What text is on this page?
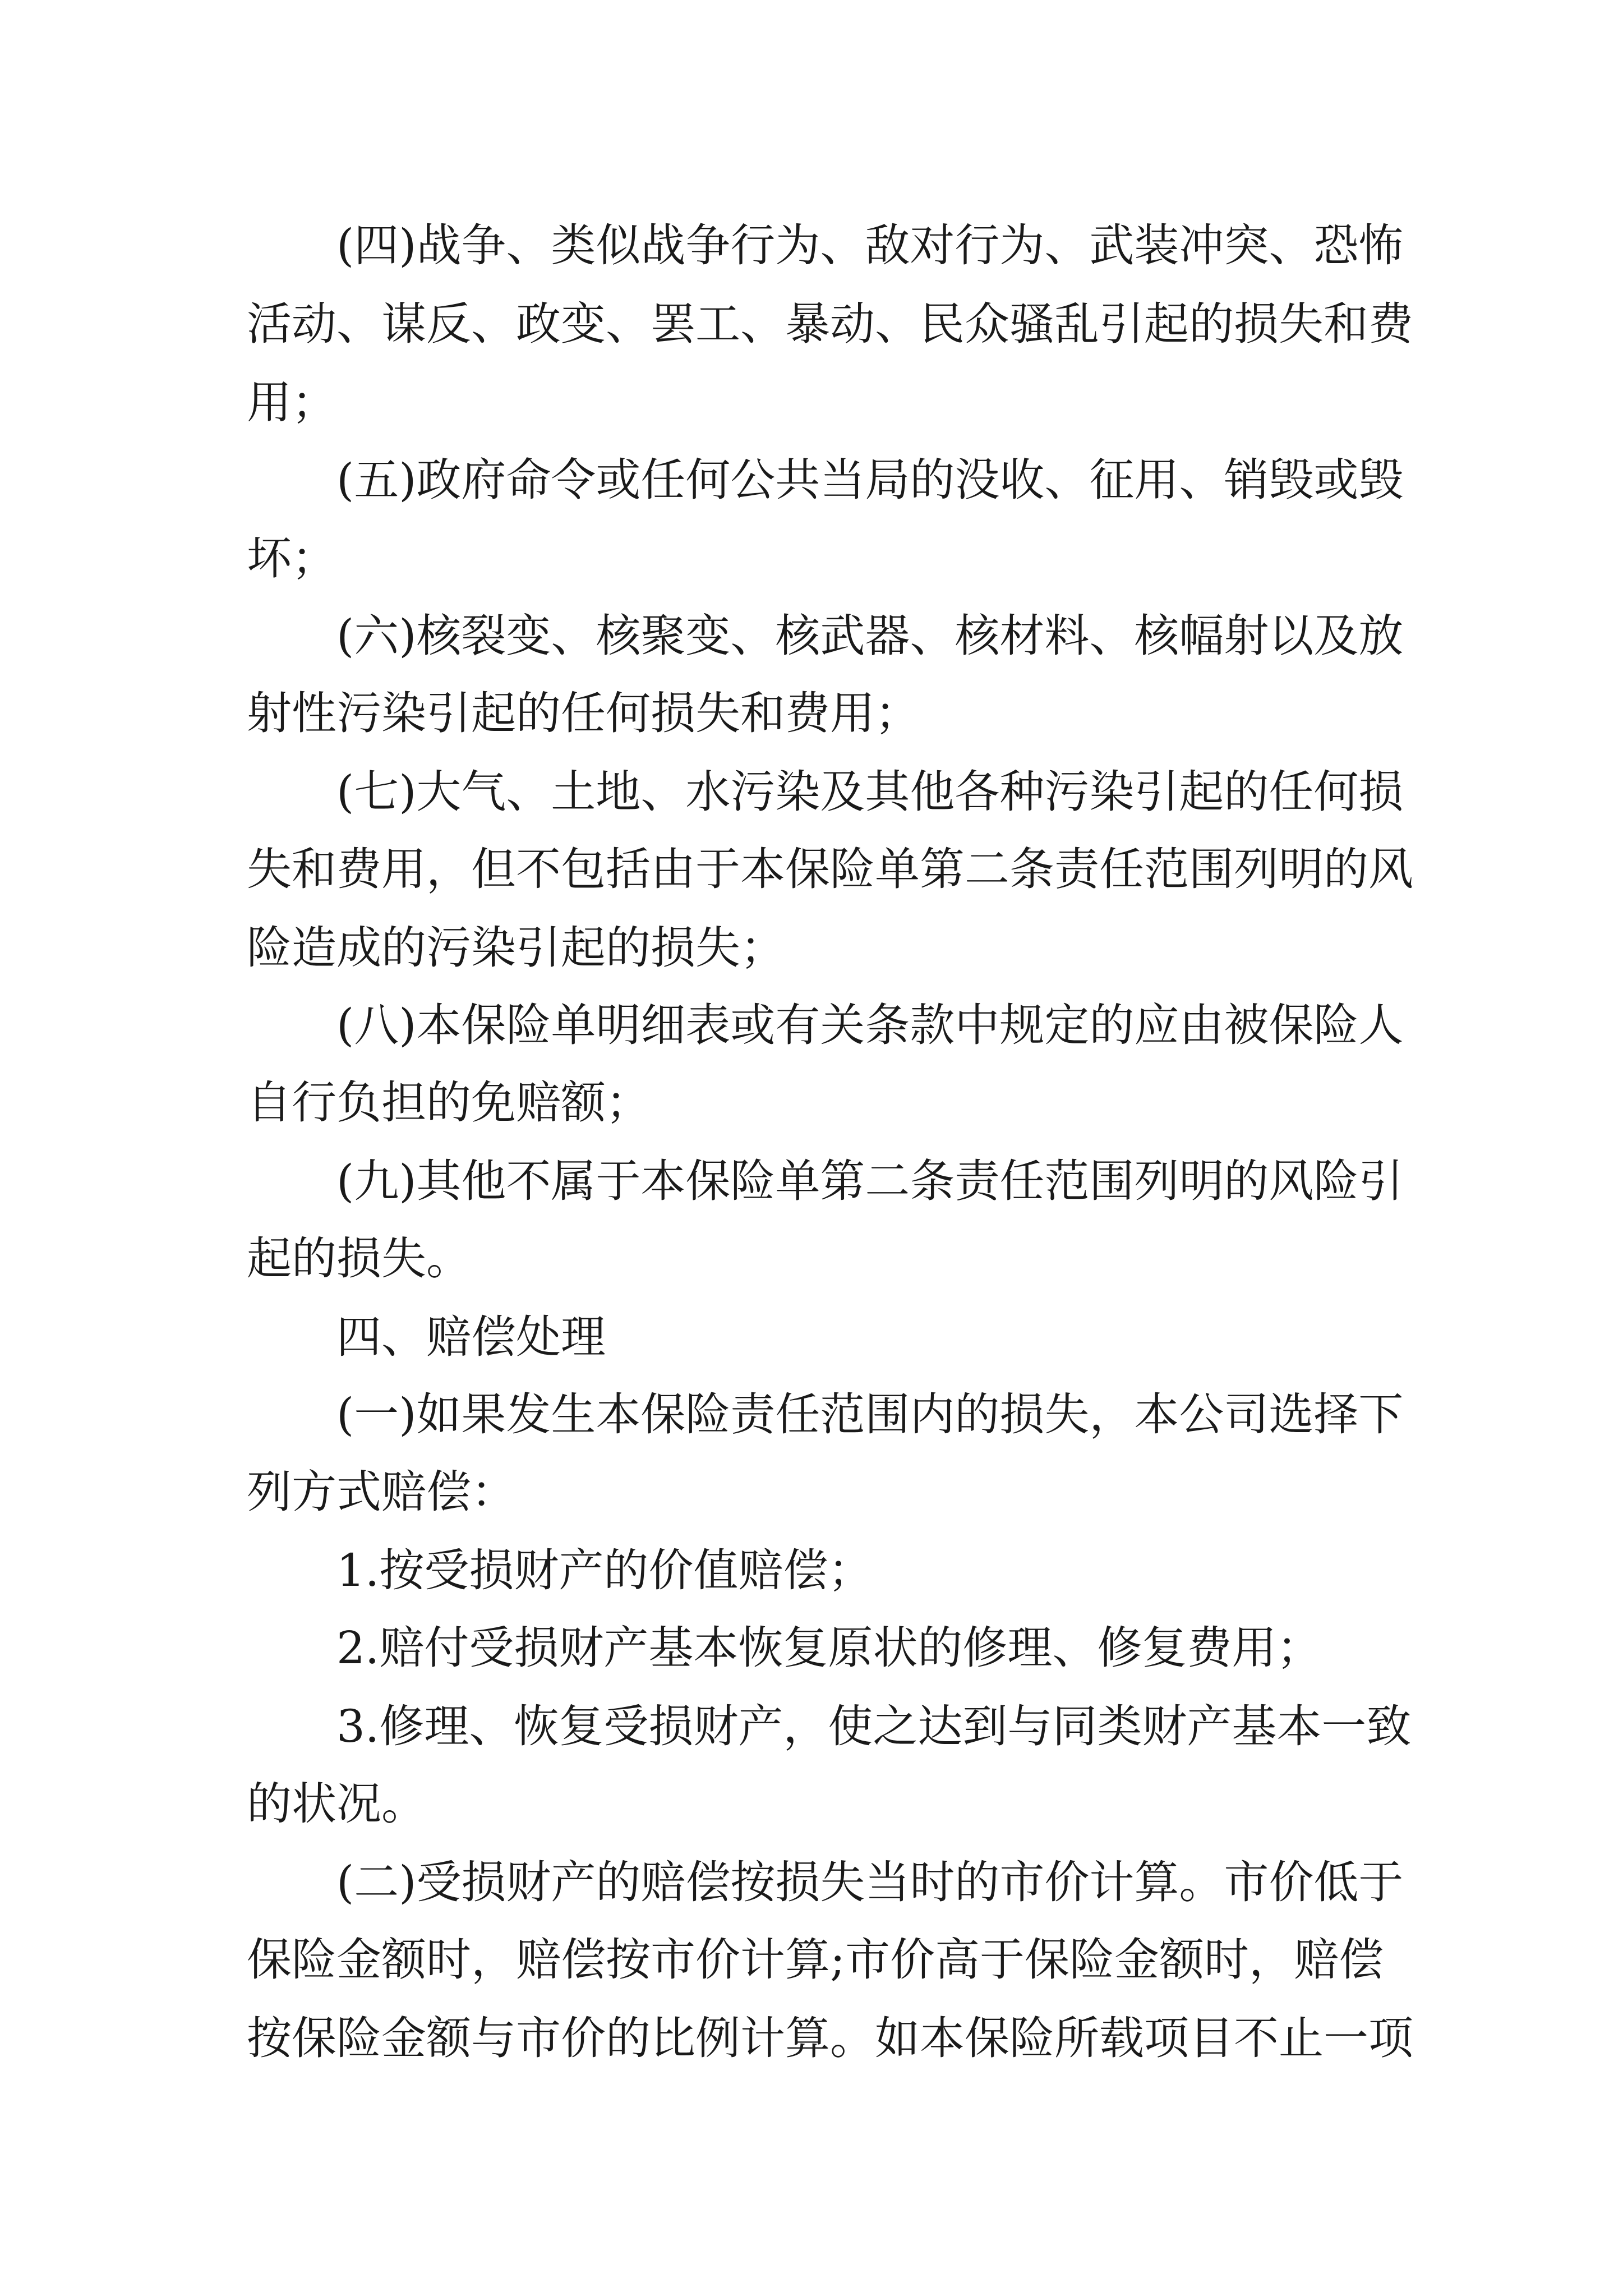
(四)战争、类似战争行为、敌对行为、武装冲突、恐怖
活动、谋反、政变、罢工、暴动、民众骚乱引起的损失和费
用；
(五)政府命令或任何公共当局的没收、征用、销毁或毁
坏；
(六)核裂变、核聚变、核武器、核材料、核幅射以及放
射性污染引起的任何损失和费用；
(七)大气、土地、水污染及其他各种污染引起的任何损
失和费用，但不包括由于本保险单第二条责任范围列明的风
险造成的污染引起的损失；
(八)本保险单明细表或有关条款中规定的应由被保险人
自行负担的免赔额；
(九)其他不属于本保险单第二条责任范围列明的风险引
起的损失。
四、赔偿处理
(一)如果发生本保险责任范围内的损失，本公司选择下
列方式赔偿：
1.按受损财产的价值赔偿；
2.赔付受损财产基本恢复原状的修理、修复费用；
3.修理、恢复受损财产，使之达到与同类财产基本一致
的状况。
(二)受损财产的赔偿按损失当时的市价计算。市价低于
保险金额时，赔偿按市价计算;市价高于保险金额时，赔偿
按保险金额与市价的比例计算。如本保险所载项目不止一项
